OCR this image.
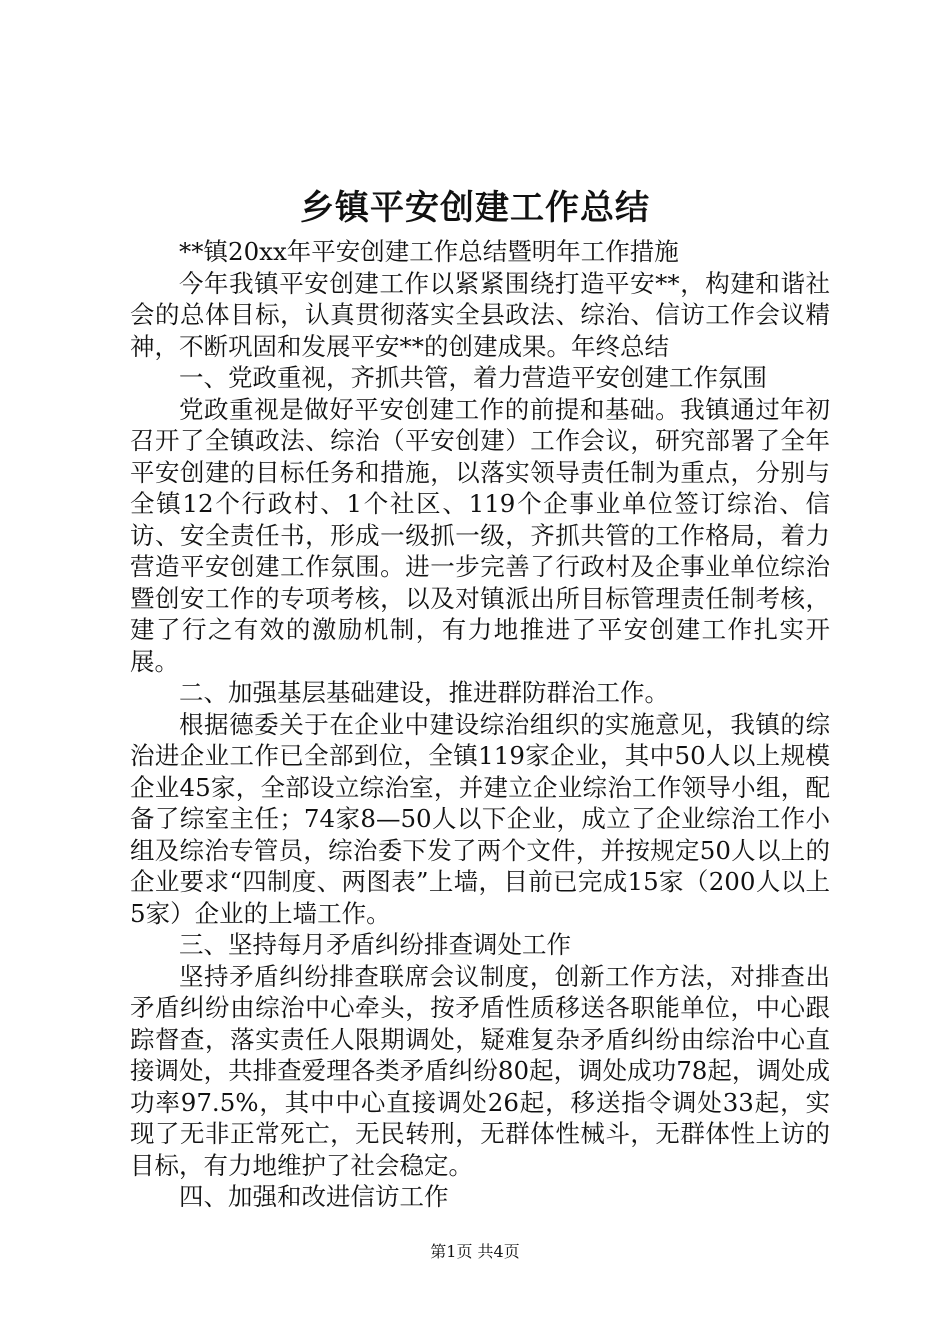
乡镇平安创建工作总结

**镇20xx年平安创建工作总结暨明年工作措施

今年我镇平安创建工作以紧紧围绕打造平安**，构建和谐社会的总体目标，认真贯彻落实全县政法、综治、信访工作会议精神，不断巩固和发展平安**的创建成果。年终总结

一、党政重视，齐抓共管，着力营造平安创建工作氛围

党政重视是做好平安创建工作的前提和基础。我镇通过年初召开了全镇政法、综治（平安创建）工作会议，研究部署了全年平安创建的目标任务和措施，以落实领导责任制为重点，分别与全镇12个行政村、1个社区、119个企事业单位签订综治、信访、安全责任书，形成一级抓一级，齐抓共管的工作格局，着力营造平安创建工作氛围。进一步完善了行政村及企事业单位综治暨创安工作的专项考核，以及对镇派出所目标管理责任制考核，建了行之有效的激励机制，有力地推进了平安创建工作扎实开展。

二、加强基层基础建设，推进群防群治工作。

根据德委关于在企业中建设综治组织的实施意见，我镇的综治进企业工作已全部到位，全镇119家企业，其中50人以上规模企业45家，全部设立综治室，并建立企业综治工作领导小组，配备了综室主任；74家8—50人以下企业，成立了企业综治工作小组及综治专管员，综治委下发了两个文件，并按规定50人以上的企业要求“四制度、两图表”上墙，目前已完成15家（200人以上5家）企业的上墙工作。

三、坚持每月矛盾纠纷排查调处工作

坚持矛盾纠纷排查联席会议制度，创新工作方法，对排查出矛盾纠纷由综治中心牵头，按矛盾性质移送各职能单位，中心跟踪督查，落实责任人限期调处，疑难复杂矛盾纠纷由综治中心直接调处，共排查爱理各类矛盾纠纷80起，调处成功78起，调处成功率97.5%，其中中心直接调处26起，移送指令调处33起，实现了无非正常死亡，无民转刑，无群体性械斗，无群体性上访的目标，有力地维护了社会稳定。

四、加强和改进信访工作

第1页 共4页
